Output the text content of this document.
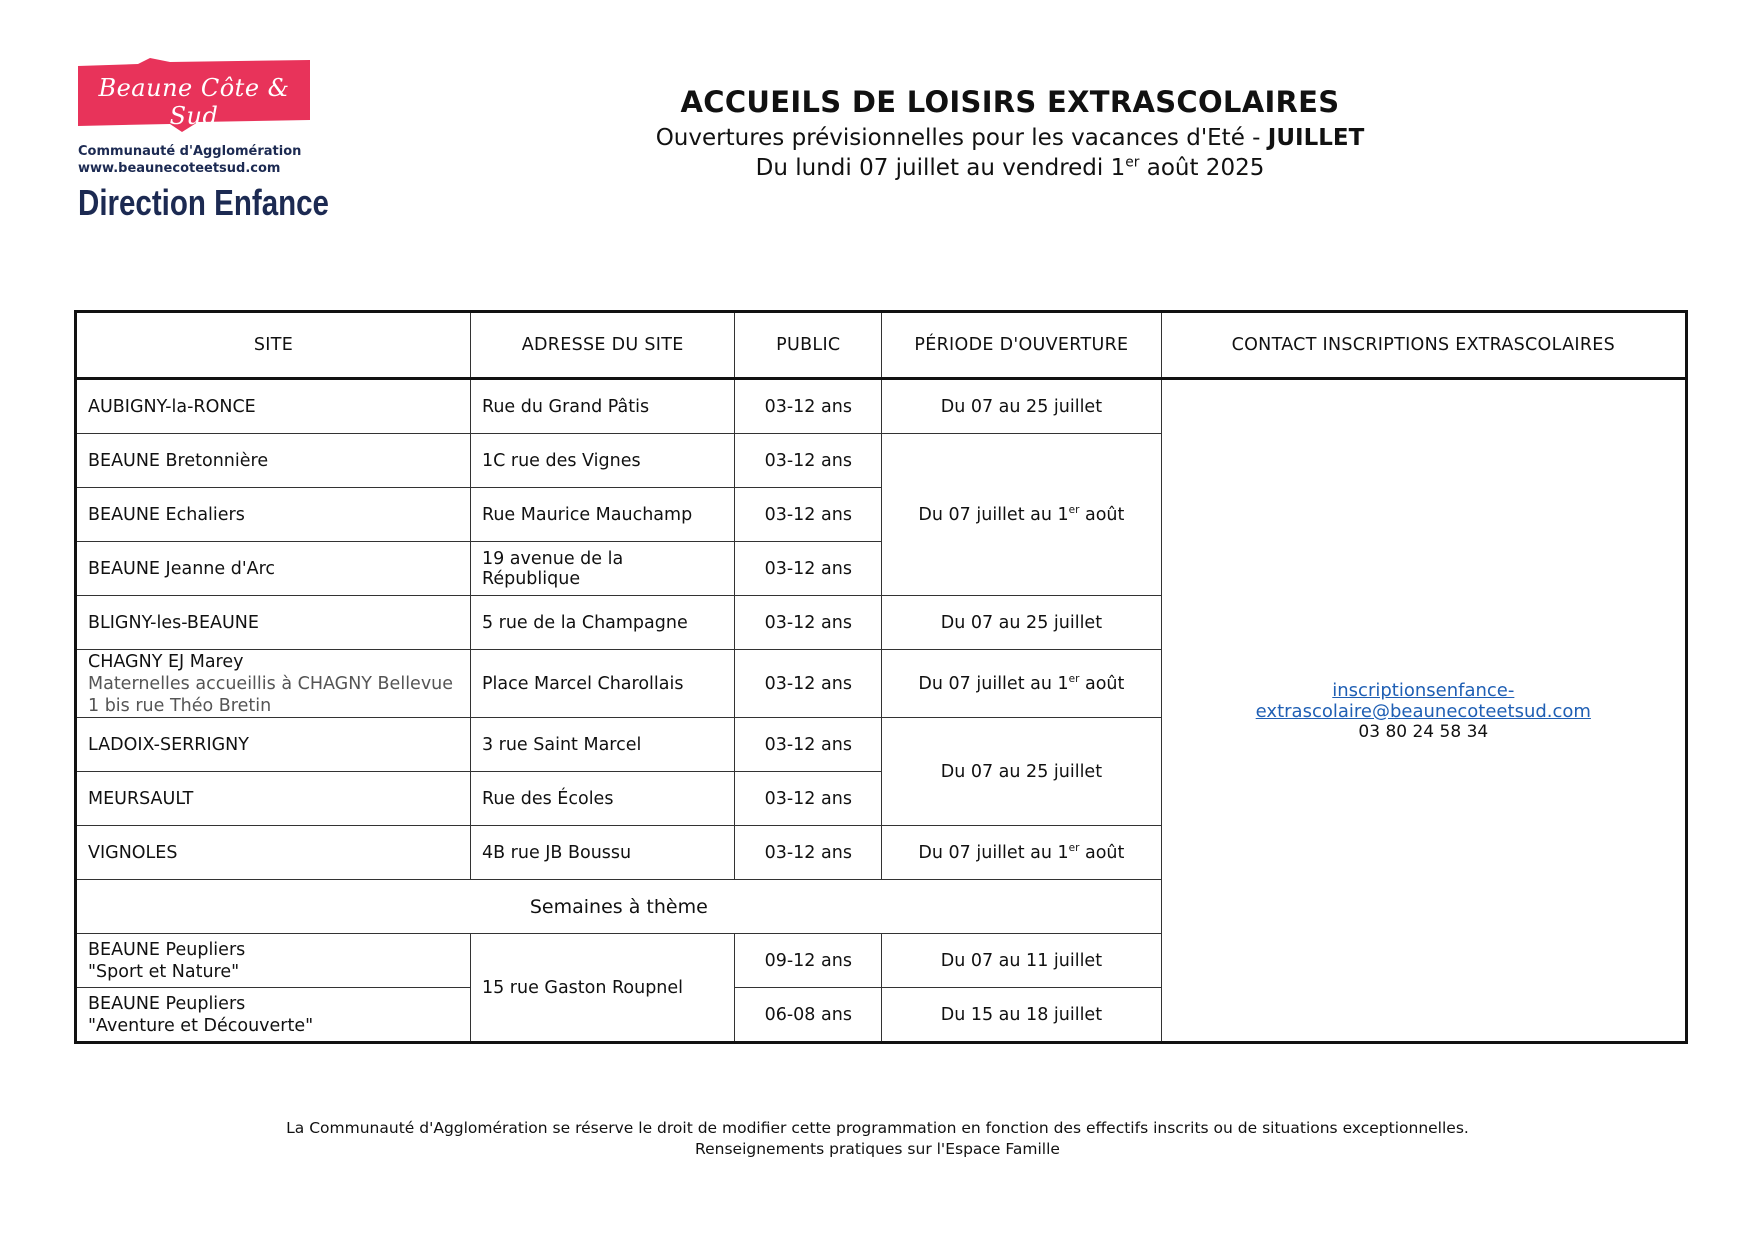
Beaune Côte & Sud
Communauté d'Agglomération
www.beaunecoteetsud.com
Direction Enfance
ACCUEILS DE LOISIRS EXTRASCOLAIRES
Ouvertures prévisionnelles pour les vacances d'Eté - JUILLET
Du lundi 07 juillet au vendredi 1er août 2025
SITE	ADRESSE DU SITE	PUBLIC	PÉRIODE D'OUVERTURE	CONTACT INSCRIPTIONS EXTRASCOLAIRES
AUBIGNY-la-RONCE	Rue du Grand Pâtis	03-12 ans	Du 07 au 25 juillet	inscriptionsenfance-extrascolaire@beaunecoteetsud.com
03 80 24 58 34

BEAUNE Bretonnière	1C rue des Vignes	03-12 ans	Du 07 juillet au 1er août	
BEAUNE Echaliers	Rue Maurice Mauchamp	03-12 ans		
BEAUNE Jeanne d'Arc	19 avenue de la République	03-12 ans		
BLIGNY-les-BEAUNE	5 rue de la Champagne	03-12 ans	Du 07 au 25 juillet	

CHAGNY EJ Marey
Maternelles accueillis à CHAGNY Bellevue
1 bis rue Théo Bretin	Place Marcel Charollais	03-12 ans	Du 07 juillet au 1er août	
LADOIX-SERRIGNY	3 rue Saint Marcel	03-12 ans	Du 07 au 25 juillet	
MEURSAULT	Rue des Écoles	03-12 ans		
VIGNOLES	4B rue JB Boussu	03-12 ans	Du 07 juillet au 1er août	
Semaines à thème				

BEAUNE Peupliers
"Sport et Nature"	15 rue Gaston Roupnel	09-12 ans	Du 07 au 11 juillet	

BEAUNE Peupliers
"Aventure et Découverte"		06-08 ans	Du 15 au 18 juillet	
La Communauté d'Agglomération se réserve le droit de modifier cette programmation en fonction des effectifs inscrits ou de situations exceptionnelles.
Renseignements pratiques sur l'Espace Famille
